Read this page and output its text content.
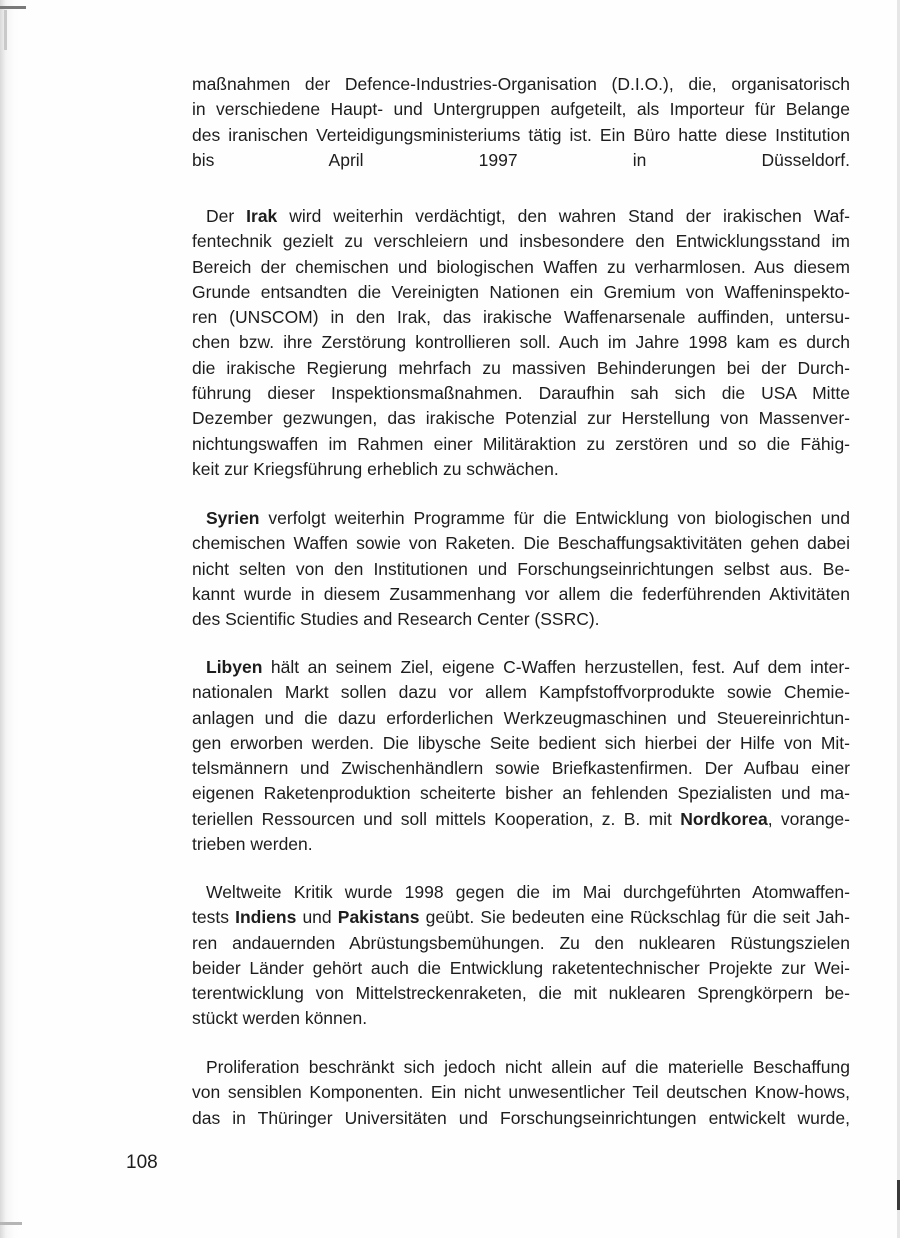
maßnahmen der Defence-Industries-Organisation (D.I.O.), die, organisatorisch
in verschiedene Haupt- und Untergruppen aufgeteilt, als Importeur für Belange
des iranischen Verteidigungsministeriums tätig ist. Ein Büro hatte diese Institution
bis April 1997 in Düsseldorf.
Der Irak wird weiterhin verdächtigt, den wahren Stand der irakischen Waf-
fentechnik gezielt zu verschleiern und insbesondere den Entwicklungsstand im
Bereich der chemischen und biologischen Waffen zu verharmlosen. Aus diesem
Grunde entsandten die Vereinigten Nationen ein Gremium von Waffeninspekto-
ren (UNSCOM) in den Irak, das irakische Waffenarsenale auffinden, untersu-
chen bzw. ihre Zerstörung kontrollieren soll. Auch im Jahre 1998 kam es durch
die irakische Regierung mehrfach zu massiven Behinderungen bei der Durch-
führung dieser Inspektionsmaßnahmen. Daraufhin sah sich die USA Mitte
Dezember gezwungen, das irakische Potenzial zur Herstellung von Massenver-
nichtungswaffen im Rahmen einer Militäraktion zu zerstören und so die Fähig-
keit zur Kriegsführung erheblich zu schwächen.
Syrien verfolgt weiterhin Programme für die Entwicklung von biologischen und
chemischen Waffen sowie von Raketen. Die Beschaffungsaktivitäten gehen dabei
nicht selten von den Institutionen und Forschungseinrichtungen selbst aus. Be-
kannt wurde in diesem Zusammenhang vor allem die federführenden Aktivitäten
des Scientific Studies and Research Center (SSRC).
Libyen hält an seinem Ziel, eigene C-Waffen herzustellen, fest. Auf dem inter-
nationalen Markt sollen dazu vor allem Kampfstoffvorprodukte sowie Chemie-
anlagen und die dazu erforderlichen Werkzeugmaschinen und Steuereinrichtun-
gen erworben werden. Die libysche Seite bedient sich hierbei der Hilfe von Mit-
telsmännern und Zwischenhändlern sowie Briefkastenfirmen. Der Aufbau einer
eigenen Raketenproduktion scheiterte bisher an fehlenden Spezialisten und ma-
teriellen Ressourcen und soll mittels Kooperation, z. B. mit Nordkorea, vorange-
trieben werden.
Weltweite Kritik wurde 1998 gegen die im Mai durchgeführten Atomwaffen-
tests Indiens und Pakistans geübt. Sie bedeuten eine Rückschlag für die seit Jah-
ren andauernden Abrüstungsbemühungen. Zu den nuklearen Rüstungszielen
beider Länder gehört auch die Entwicklung raketentechnischer Projekte zur Wei-
terentwicklung von Mittelstreckenraketen, die mit nuklearen Sprengkörpern be-
stückt werden können.
Proliferation beschränkt sich jedoch nicht allein auf die materielle Beschaffung
von sensiblen Komponenten. Ein nicht unwesentlicher Teil deutschen Know-hows,
das in Thüringer Universitäten und Forschungseinrichtungen entwickelt wurde,
108
